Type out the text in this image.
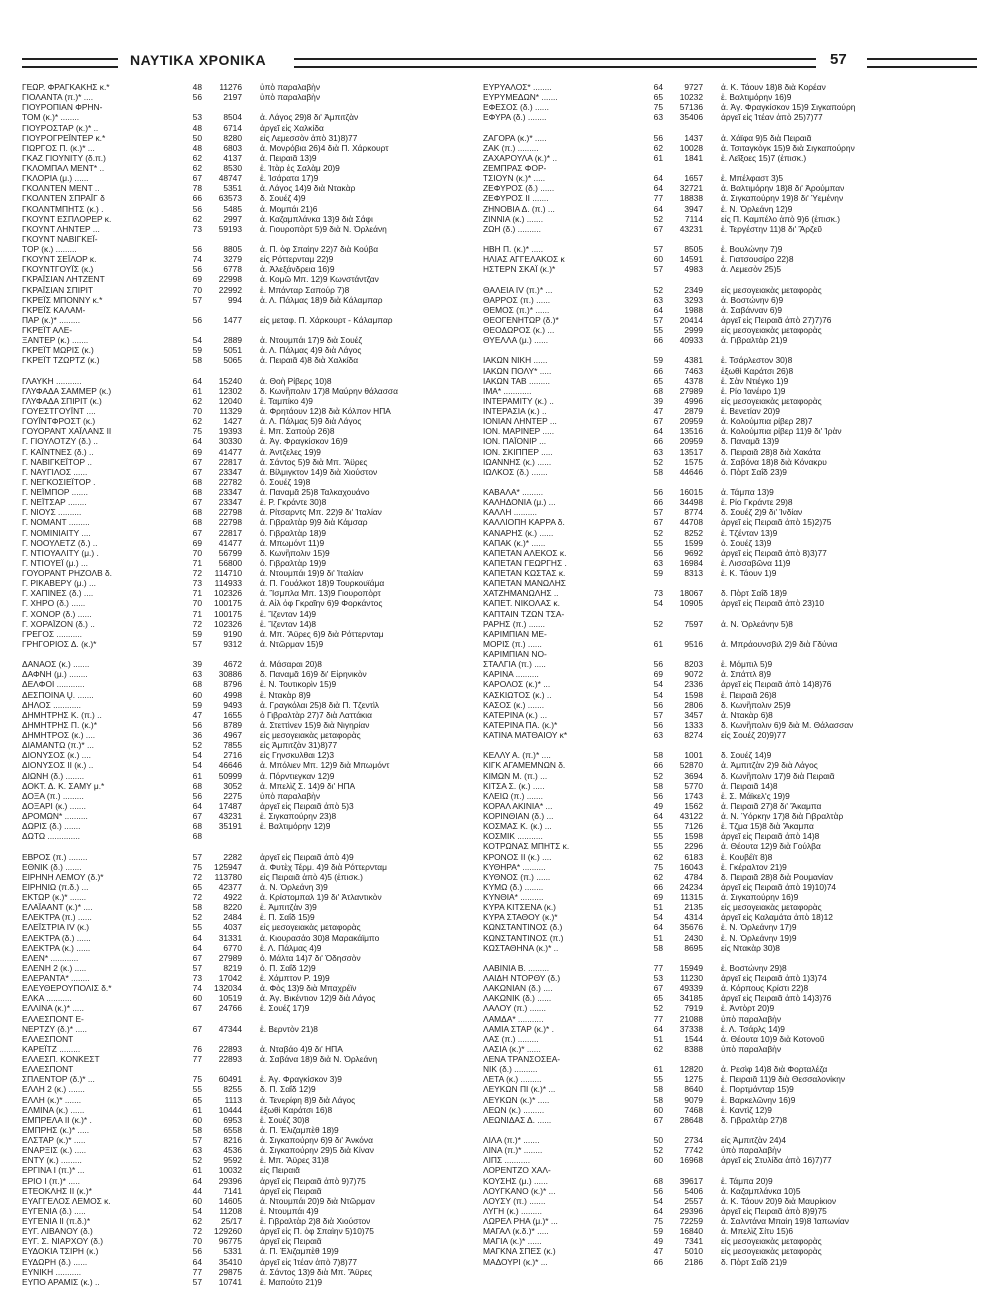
ΝΑΥΤΙΚΑ ΧΡΟΝΙΚΑ	57
ΓΕΩΡ. ΦΡΑΓΚΑΚΗΣ κ.*	48	11276 ὑπὸ παραλαβὴν
ΓΙΟΛΑΝΤΑ (π.)* ....	56	2197 ὑπὸ παραλαβὴν
ΓΙΟΥΡΟΠΙΑΝ ΦΡΗΝ-
ΤΟΜ (κ.)* ........	53	8504 ἀ. Λάγος 29)8 δι' Ἀμπιτζὰν
ΓΙΟΥΡΟΣΤΑΡ (κ.)* ..	48	6714 ἀργεῖ εἰς Χαλκίδα
ΓΙΟΥΡΟΓΡΕΪΝΤΕΡ κ.*	50	8280 εἰς Λεμεσσὸν ἀπὸ 31)8)77
ΓΙΩΡΓΟΣ Π. (κ.)* ...	48	6803 ἀ. Μονρόβια 26)4 διὰ Π. Χάρκουρτ
ΓΚΑΖ ΓΙΟΥΝΙΤΥ (δ.π.)	62	4137 ἀ. Πειραιᾶ 13)9
ΓΚΛΟΜΠΑΛ ΜΕΝΤ* ..	62	8530 ἐ. Ἰτὰρ ἐς Σαλὰμ 20)9
ΓΚΛΟΡΙΑ (μ.) ......	67	48747 ἐ. Ἰσάρατα 17)9
ΓΚΟΛΝΤΕΝ ΜΕΝΤ ..	78	5351 ἀ. Λάγος 14)9 διὰ Ντακὰρ
ΓΚΟΛΝΤΕΝ ΣΠΡΑΪΓ δ	66	63573 δ. Σουέζ 4)9
ΓΚΟΛΝΤΜΠΗΤΣ (κ.) .	56	5485 ἀ. Μομπάι 21)6
ΓΚΟΥΝΤ ΕΣΠΛΟΡΕΡ κ.	62	2997 ἀ. Καζαμπλάνκα 13)9 διὰ Σάφι
ΓΚΟΥΝΤ ΛΗΝΤΕΡ ...	73	59193 ἀ. Γιουροπὸρτ 5)9 διὰ Ν. Ὀρλεάνη
ΓΚΟΥΝΤ ΝΑΒΙΓΚΕΪ-
ΤΟΡ (κ.) .........	56	8805 ἀ. Π. ὀφ Σπαὶην 22)7 διὰ Κούβα
ΓΚΟΥΝΤ ΣΕΪΛΟΡ κ.	74	3279 εἰς Ρόττερνταμ 22)9
ΓΚΟΥΝΤΓΟΥΪΣ (κ.)	56	6778 ἀ. Ἀλεξάνδρεια 16)9
ΓΚΡΑΪΣΙΑΝ ΛΗΤΖΕΝΤ	69	22998 ἀ. Κομῶ Μπ. 12)9 Κωνστάντζαν
ΓΚΡΑΪΣΙΑΝ ΣΠΙΡΙΤ	70	22992 ἐ. Μπάνταρ Σαπούρ 7)8
ΓΚΡΕΪΣ ΜΠΟΝΝΥ κ.*	57	994 ἀ. Λ. Πάλμας 18)9 διὰ Κάλαμπαρ
ΓΚΡΕΪΣ ΚΑΛΑΜ-
ΠΑΡ (κ.)* .........	56	1477 εἰς μεταφ. Π. Χάρκουρτ - Κάλαμπαρ
ΓΚΡΕΪΤ ΑΛΕ-
ΞΑΝΤΕΡ (κ.) .......	54	2889 ἀ. Ντουμπάι 17)9 διὰ Σουέζ
ΓΚΡΕΪΤ ΜΩΡΙΣ (κ.)	59	5051 ἀ. Λ. Πάλμας 4)9 διὰ Λάγος
ΓΚΡΕΪΤ ΤΖΩΡΤΖ (κ.)	58	5065 ἀ. Πειραιᾶ 4)8 διὰ Χαλκίδα
ΓΛΑΥΚΗ ...........	64	15240 ἀ. Θοὴ Ρίβερς 10)8
ΓΛΥΦΑΔΑ ΣΑΜΜΕΡ (κ.)	61	12302 δ. Κωνἢπολιν 17)8 Μαύρην θάλασσα
ΓΛΥΦΑΔΑ ΣΠΙΡΙΤ (κ.)	62	12040 ἐ. Ταμπίκο 4)9
ΓΟΥΕΣΤΓΟΥΪΝΤ ....	70	11329 ἀ. Φρητάουν 12)8 διὰ Κόλπον ΗΠΑ
ΓΟΥΪΝΤΦΡΟΣΤ (κ.)	62	1427 ἀ. Λ. Πάλμας 5)9 διὰ Λάγος
ΓΟΥΟΡΑΝΤ ΧΑΪΛΑΝΣ ΙΙ	75	19393 ἐ. Μπ. Σαπούρ 26)8
Γ. ΓΙΟΥΛΟΤΖΥ (δ.) ..	64	30330 ἀ. Ἀγ. Φραγκίσκον 16)9
Γ. ΚΑΪΝΤΝΕΣ (δ.) ..	69	41477 ἀ. Ἀντζελες 19)9
Γ. ΝΑΒΙΓΚΕΪΤΟΡ ..	67	22817 ἀ. Σάντος 5)9 διὰ Μπ. Ἄϋρες
Γ. ΝΑΥΓΙΛΟΣ ......	67	23347 ἀ. Βίλμιγκτον 14)9 διὰ Χιούστον
Γ. ΝΕΓΚΟΣΙΕΪΤΟΡ .	68	22782 ὁ. Σουέζ 19)8
Γ. ΝΕΪΜΠΟΡ .......	68	23347 ἀ. Παναμᾶ 25)8 Ταλκαχουάνο
Γ. ΝΕΪΤΣΑΡ ........	67	23347 ἐ. Ρ. Γκράντε 30)8
Γ. ΝΙΟΥΣ ..........	68	22798 ἀ. Ρίτσαρντς Μπ. 22)9 δι' Ἰταλίαν
Γ. ΝΟΜΑΝΤ .........	68	22798 ἀ. Γιβραλτὰρ 9)9 διὰ Κάμσαρ
Γ. ΝΟΜΙΝΙΑΙΤΥ ....	67	22817 ὁ. Γιβραλτὰρ 18)9
Γ. ΝΟΟΥΛΕΤΖ (δ.) ..	69	41477 ἀ. Μπωμόντ 11)9
Γ. ΝΤΙΟΥΑΛΙΤΥ (μ.) .	70	56799 δ. Κωνἢπολιν 15)9
Γ. ΝΤΙΟΥΕΪ (μ.) ...	71	56800 ὁ. Γιβραλτὰρ 19)9
ΓΟΥΟΡΑΝΤ ΡΗΖΟΛΒ δ.	72	114710 ἀ. Ντουμπάι 19)9 δι' Ἰταλίαν
Γ. ΡΙΚΑΒΕΡΥ (μ.) ...	73	114933 ἀ. Π. Γουάλκοτ 18)9 Τουρκουϊάμα
Γ. ΧΑΠΙΝΕΣ (δ.) ....	71	102326 ἀ. Ἴσμπλα Μπ. 13)9 Γιουροπὸρτ
Γ. ΧΗΡΟ (δ.) ......	70	100175 ἀ. Αἱλ ὀφ Γκραῖην 6)9 Φορκάντος
Γ. ΧΟΝΟΡ (δ.) ......	71	100175 ἐ. Ἴζενταν 14)9
Γ. ΧΟΡΑΪΖΟΝ (δ.) ..	72	102326 ἐ. Ἴζενταν 14)8
ΓΡΕΓΟΣ ...........	59	9190 ἀ. Μπ. Ἄϋρες 6)9 διὰ Ρόττερνταμ
ΓΡΗΓΟΡΙΟΣ Δ. (κ.)*	57	9312 ἀ. Ντῶρμαν 15)9
ΔΑΝΑΟΣ (κ.) .......	39	4672 ἀ. Μάσαραι 20)8
ΔΑΦΝΗ (μ.) ........	63	30886 δ. Παναμᾶ 16)9 δι' Εἰρηνικὸν
ΔΕΛΦΟΙ ............	68	8796 ἐ. Ν. Τουτικορὶν 15)9
ΔΕΣΠΟΙΝΑ Ų. .......	60	4998 ἐ. Ντακὰρ 8)9
ΔΗΛΟΣ ............	59	9493 ἀ. Γραγκόλαι 25)8 διὰ Π. Τζεντὶλ
ΔΗΜΗΤΡΗΣ Κ. (π.) ..	47	1655 ὁ Γιβραλτὰρ 27)7 διὰ Λαττάκια
ΔΗΜΗΤΡΗΣ Π. (κ.)*	56	8789 ἀ. Στεττὶνεν 15)9 διὰ Νιγηρίαν
ΔΗΜΗΤΡΟΣ (κ.) ....	36	4967 εἰς μεσογειακὰς μεταφορὰς
ΔΙΑΜΑΝΤΩ (π.)* ...	52	7855 εἰς Ἀμπιτζὰν 31)8)77
ΔΙΟΝΥΣΟΣ (κ.) ....	54	2716 εἰς Γηνσκυλθαι 12)3
ΔΙΟΝΥΣΟΣ ΙΙ (κ.) ..	54	46646 ἀ. Μπόλιεν Μπ. 12)9 διὰ Μπωμόντ
ΔΙΩΝΗ (δ.) ........	61	50999 ἀ. Πόρντιεγκαν 12)9
ΔΟΚΤ. Δ. Κ. ΣΑΜΥ μ.*	68	3052 ἀ. Μπελὶζ Σ. 14)9 δι' ΗΠΑ
ΔΟΞΑ (π.) .........	56	2275 ὑπὸ παραλαβὴν
ΔΟΞΑΡΙ (κ.) .......	64	17487 ἀργεῖ εἰς Πειραιᾶ ἀπὸ 5)3
ΔΡΟΜΩΝ* ..........	67	43231 ἐ. Σιγκαπούρην 23)8
ΔΩΡΙΣ (δ.) .......	68	35191 ἐ. Βαλτιμόρην 12)9
ΔΩΤΩ ..............	68
ΕΒΡΟΣ (π.) ........	57	2282 ἀργεῖ εἰς Πειραιᾶ ἀπὸ 4)9
ΕΘΝΙΚ (δ.) .......	75	125947 ἀ. Φυτὲχ Τέρμ. 4)9 διὰ Ρόττερνταμ
ΕΙΡΗΝΗ ΛΕΜΟΥ (δ.)*	72	113780 εἰς Πειραιᾶ ἀπὸ 4)5 (ἐπισκ.)
ΕΙΡΗΝΙΩ (π.δ.) ...	65	42377 ἀ. Ν. Ὀρλεάνη 3)9
ΕΚΤΩΡ (κ.)* .......	72	4922 ἀ. Κρίστομπαλ 1)9 δι' Ἀτλαντικὸν
ΕΛΑΪΑΑΝΤ (κ.)* ....	58	8220 ἐ. Ἀμπιτζὰν 3)9
ΕΛΕΚΤΡΑ (π.) ......	52	2484 ἐ. Π. Σαΐδ 15)9
ΕΛΕΪΣΤΡΙΑ IV (κ.)	55	4037 εἰς μεσογειακὰς μεταφορὰς
ΕΛΕΚΤΡΑ (δ.) ......	64	31331 ἀ. Κιουρασάο 30)8 Μαρακάϊμπο
ΕΛΕΚΤΡΑ (κ.) ......	64	6770 ἐ. Λ. Πάλμας 4)9
ΕΛΕΝ* ............	67	27989 ὁ. Μάλτα 14)7 δι' Ὀδησσὸν
ΕΛΕΝΗ 2 (κ.) .....	57	8219 ὁ. Π. Σαΐδ 12)9
ΕΛΕΡΑΝΤΑ* ........	73	17042 ἐ. Χάμπτον Ρ. 19)9
ΕΛΕΥΘΕΡΟΥΠΟΛΙΣ δ.*	74	132034 ἀ. Φὸς 13)9 διὰ Μπαχρέϊν
ΕΛΚΑ ...........	60	10519 ἀ. Ἀγ. Βικέντιον 12)9 διὰ Λάγος
ΕΛΛΙΝΑ (κ.)* .....	67	24766 ἐ. Σουέζ 17)9
ΕΛΛΕΣΠΟΝΤ Ε-
ΝΕΡΤΖΥ (δ.)* .....	67	47344 ἐ. Βερντὸν 21)8
ΕΛΛΕΣΠΟΝΤ
ΚΑΡΕΪΤΖ .........	76	22893 ἀ. Νταβάο 4)9 δι' ΗΠΑ
ΕΛΛΕΣΠ. ΚΟΝΚΕΣΤ	77	22893 ἀ. Σαβάνα 18)9 διὰ Ν. Ὀρλεάνη
ΕΛΛΕΣΠΟΝΤ
ΣΠΛΕΝΤΟΡ (δ.)* ...	75	60491 ἐ. Ἀγ. Φραγκίσκον 3)9
ΕΛΛΗ 2 (κ.) .......	55	8255 δ. Π. Σαΐδ 12)9
ΕΛΛΗ (κ.)* .......	65	1113 ἀ. Τενερίφη 8)9 διὰ Λάγος
ΕΛΜΙΝΑ (κ.) ......	61	10444 ἐξωθὶ Καράτσι 16)8
ΕΜΠΡΕΛΑ ΙΙ (κ.)* .	60	6953 ἐ. Σουέζ 30)8
ΕΜΠΡΗΣ (κ.)* .....	58	6558 ἀ. Π. Ἐλιζαμπὲθ 18)9
ΕΛΣΤΑΡ (κ.)* .....	57	8216 ἀ. Σιγκαπούρην 6)9 δι' Ἀνκόνα
ΕΝΑΡΞΙΣ (κ.) .....	63	4536 ἀ. Σιγκαπούρην 29)5 διὰ Κίναν
ΕΝΤΥ (κ.) .........	52	9592 ἐ. Μπ. Ἄϋρες 31)8
ΕΡΓΙΝΑ Ι (π.)* ...	61	10032 εἰς Πειραιᾶ
ΕΡΙΟ Ι (π.)* .....	64	29396 ἀργεῖ εἰς Πειραιᾶ ἀπὸ 9)7)75
ΕΤΕΟΚΛΗΣ ΙΙ (κ.)*	44	7141 ἀργεῖ εἰς Πειραιᾶ
ΕΥΑΓΓΕΛΟΣ ΛΕΜΟΣ κ.	60	14605 ἀ. Ντουμπάι 20)9 διὰ Ντῶρμαν
ΕΥΓΕΝΙΑ (δ.) .....	54	11208 ἐ. Ντουμπάι 4)9
ΕΥΓΕΝΙΑ ΙΙ (π.δ.)*	62	25/17 ἐ. Γιβραλτὰρ 2)8 διὰ Χιούστον
ΕΥΓ. ΛΙΒΑΝΟΥ (δ.)	72	129260 ἀργεῖ εἰς Π. ὀφ Σπαὶην 5)10)75
ΕΥΓ. Σ. ΝΙΑΡΧΟΥ (δ.)	70	96775 ἀργεῖ εἰς Πειραιᾶ
ΕΥΔΟΚΙΑ ΤΣΙΡΗ (κ.)	56	5331 ἀ. Π. Ἐλιζαμπὲθ 19)9
ΕΥΔΩΡΗ (δ.) ......	64	35410 ἀργεῖ εἰς Ἰτέαν ἀπὸ 7)8)77
ΕΥΝΙΚΗ ...........	77	29875 ἀ. Σάντος 13)9 διὰ Μπ. Ἄϋρες
ΕΥΠΟ ΑΡΑΜΙΣ (κ.) ..	57	10741 ἐ. Μαπούτο 21)9
ΕΥΡΥΑΛΟΣ* ........	64	9727 ἀ. Κ. Τάουν 18)8 διὰ Κορέαν
ΕΥΡΥΜΕΔΩΝ* .......	65	10232 ἐ. Βαλτιμόρην 16)9
ΕΦΕΣΟΣ (δ.) ......	75	57136 ἀ. Ἀγ. Φραγκίσκον 15)9 Σιγκαπούρη
ΕΦΥΡΑ (δ.) ........	63	35406 ἀργεῖ εἰς Ἰτέαν ἀπὸ 25)7)77
ΖΑΓΟΡΑ (κ.)* .....	56	1437 ἀ. Χάϊφα 9)5 διὰ Πειραιᾶ
ΖΑΚ (π.) .........	62	10028 ἀ. Τσιταγκὸγκ 15)9 διὰ Σιγκαπούρην
ΖΑΧΑΡΟΥΛΑ (κ.)* ..	61	1841 ἐ. Λεῖξοες 15)7 (ἐπισκ.)
ΖΕΜΠΡΑΣ ΦΟΡ-
ΤΣΙΟΥΝ (κ.)* .....	64	1657 ἐ. Μπέλφαστ 3)5
ΖΕΦΥΡΟΣ (δ.) ......	64	32721 ἀ. Βαλτιμόρην 18)8 δι' Ἀρούμπαν
ΖΕΦΥΡΟΣ ΙΙ .......	77	18838 ἀ. Σιγκαπούρην 19)8 δι' Ὑεμένην
ΖΗΝΟΒΙΑ Δ. (π.) ...	64	3947 ἐ. Ν. Ὀρλεάνη 12)9
ΖΙΝΝΙΑ (κ.) .......	52	7114 εἰς Π. Καμπέλο ἀπὸ 9)6 (ἐπισκ.)
ΖΩΗ (δ.) ..........	67	43231 ἐ. Τεργέστην 11)8 δι' Ἄρζεῦ
ΗΒΗ Π. (κ.)* .....	57	8505 ἐ. Βουλώνην 7)9
ΗΛΙΑΣ ΑΓΓΕΛΑΚΟΣ κ	60	14591 ἐ. Γιατσουσίρο 22)8
ΗΣΤΕΡΝ ΣΚΑΪ (κ.)*	57	4983 ἀ. Λεμεσὸν 25)5
ΘΑΛΕΙΑ IV (π.)* ...	52	2349 εἰς μεσογειακὰς μεταφορὰς
ΘΑΡΡΟΣ (π.) ......	63	3293 ἀ. Βοστώνην 6)9
ΘΕΜΟΣ (π.)* ......	64	1988 ἀ. Σαβάνναν 6)9
ΘΕΟΓΕΝΗΤΩΡ (δ.)*	57	20414 ἀργεῖ εἰς Πειραιᾶ ἀπὸ 27)7)76
ΘΕΟΔΩΡΟΣ (κ.) ...	55	2999 εἰς μεσογειακὰς μεταφορὰς
ΘΥΕΛΛΑ (μ.) ......	66	40933 ἀ. Γιβραλτὰρ 21)9
ΙΑΚΩΝ ΝΙΚΗ ......	59	4381 ἐ. Τσάρλεστον 30)8
ΙΑΚΩΝ ΠΟΛΥ* .....	66	7463 ἐξωθὶ Καράτσι 26)8
ΙΑΚΩΝ ΤΑΒ .........	65	4378 ἐ. Σὰν Ντιέγκο 1)9
ΙΜΑ* ............	68	27989 ἐ. Ρίο Ἰανέιρο 1)9
ΙΝΤΕΡΑΜΙΤΥ (κ.) ..	39	4996 εἰς μεσογειακὰς μεταφορὰς
ΙΝΤΕΡΑΣΙΑ (κ.) ..	47	2879 ἐ. Βενετίαν 20)9
ΙΟΝΙΑΝ ΛΗΝΤΕΡ ...	67	20959 ἀ. Κολούμπια ρίβερ 28)7
ΙΟΝ. ΜΑΡΙΝΕΡ .....	64	13516 ἀ. Κολούμπια ρίβερ 11)9 δι' Ἰρὰν
ΙΟΝ. ΠΑΪΟΝΙΡ ...	66	20959 δ. Παναμᾶ 13)9
ΙΟΝ. ΣΚΙΠΠΕΡ .....	63	13517 δ. Πειραιᾶ 28)8 διὰ Χακάτα
ΙΩΑΝΝΗΣ (κ.) ......	52	1575 ἀ. Σαβόνα 18)8 διὰ Κόνακρυ
ΙΩΛΚΟΣ (δ.) .......	58	44646 ὁ. Πὸρτ Σαΐδ 23)9
ΚΑΒΑΛΑ* .........	56	16015 ἀ. Τάμπα 13)9
ΚΑΛΗΔΟΝΙΑ (μ.) ...	66	34498 ἐ. Ρίο Γκράντε 29)8
ΚΑΛΛΗ ..........	57	8774 δ. Σουέζ 2)9 δι' Ἰνδίαν
ΚΑΛΛΙΟΠΗ ΚΑΡΡΑ δ.	67	44708 ἀργεῖ εἰς Πειραιᾶ ἀπὸ 15)2)75
ΚΑΝΑΡΗΣ (κ.) ......	52	8252 ἐ. Τζένταν 13)9
ΚΑΠΑΚ (κ.)* ......	55	1599 ὁ. Σουέζ 13)9
ΚΑΠΕΤΑΝ ΑΛΕΚΟΣ κ.	56	9692 ἀργεῖ εἰς Πειραιᾶ ἀπὸ 8)3)77
ΚΑΠΕΤΑΝ ΓΕΩΡΓΗΣ .	63	16984 ἐ. Λισσαβῶνα 11)9
ΚΑΠΕΤΑΝ ΚΩΣΤΑΣ κ.	59	8313 ἐ. Κ. Τάουν 1)9
ΚΑΠΕΤΑΝ ΜΑΝΩΛΗΣ
ΧΑΤΖΗΜΑΝΩΛΗΣ ..	73	18067 δ. Πὸρτ Σαΐδ 18)9
ΚΑΠΕΤ. ΝΙΚΟΛΑΣ κ.	54	10905 ἀργεῖ εἰς Πειραιᾶ ἀπὸ 23)10
ΚΑΠΤΑΙΝ ΤΖΩΝ ΤΣΑ-
ΡΑΡΗΣ (π.) .......	52	7597 ἀ. Ν. Ὀρλεάνην 5)8
ΚΑΡΙΜΠΙΑΝ ΜΕ-
ΜΟΡΙΣ (π.) ......	61	9516 ἀ. Μπράουνσβιλ 2)9 διὰ Γδύνια
ΚΑΡΙΜΠΙΑΝ ΝΟ-
ΣΤΑΛΓΙΑ (π.) .....	56	8203 ἐ. Μόμπιλ 5)9
ΚΑΡΙΝΑ ..........	69	9072 ἀ. Σπάττλ 8)9
ΚΑΡΟΛΟΣ (κ.)* ...	54	2336 ἀργεῖ εἰς Πειραιᾶ ἀπὸ 14)8)76
ΚΑΣΚΙΩΤΟΣ (κ.) ..	54	1598 ἐ. Πειραιᾶ 26)8
ΚΑΣΟΣ (κ.) .......	56	2806 δ. Κωνἢπολιν 25)9
ΚΑΤΕΡΙΝΑ (κ.) ...	57	3457 ἀ. Ντακὰρ 6)8
ΚΑΤΕΡΙΝΑ ΠΑ. (κ.)*	56	1333 δ. Κωνἢπολιν 6)9 διὰ Μ. Θάλασσαν
ΚΑΤΙΝΑ ΜΑΤΘΑΙΟΥ κ*	63	8274 εἰς Σουέζ 20)9)77
ΚΕΛΛΥ Α. (π.)* ....	58	1001 δ. Σουέζ 14)9
ΚΙΓΚ ΑΓΑΜΕΜΝΩΝ δ.	66	52870 ἀ. Ἀμπιτζὰν 2)9 διὰ Λάγος
ΚΙΜΩΝ Μ. (π.) ...	52	3694 δ. Κωνἢπολιν 17)9 διὰ Πειραιᾶ
ΚΙΤΣΑ Σ. (κ.) .....	58	5770 ἀ. Πειραιᾶ 14)8
ΚΛΕΙΩ (π.) .......	56	1743 ἐ. Σ. Μάϊκελ'ς 19)9
ΚΟΡΑΛ ΑΚΙΝΙΑ* ...	49	1562 ἀ. Πειραιᾶ 27)8 δι' Ἄκαμπα
ΚΟΡΙΝΘΙΑΝ (δ.) ...	64	43122 ἀ. Ν. Ὑόρκην 17)8 διὰ Γιβραλτὰρ
ΚΟΣΜΑΣ Κ. (κ.) ...	55	7126 ἐ. Τζμα 15)8 διὰ Ἄκαμπα
ΚΟΣΜΙΚ ...........	55	1598 ἀργεῖ εἰς Πειραιᾶ ἀπὸ 14)8
ΚΟΤΡΩΝΑΣ ΜΠΗΤΣ κ.	55	2296 ἀ. Θέουτα 12)9 διὰ Γούλβα
ΚΡΟΝΟΣ ΙΙ (κ.) ....	62	6183 ἐ. Κουβέϊτ 8)8
ΚΥΘΗΡΑ* ..........	75	16043 ἐ. Γκέραλτον 21)9
ΚΥΘΝΟΣ (π.) ......	62	4784 δ. Πειραιᾶ 28)8 διὰ Ρουμανίαν
ΚΥΜΩ (δ.) ........	66	24234 ἀργεῖ εἰς Πειραιᾶ ἀπὸ 19)10)74
ΚΥΝΘΙΑ* ..........	69	11315 ἀ. Σιγκαπούρην 16)9
ΚΥΡΑ ΚΙΤΣΕΝΑ (κ.)	51	2135 εἰς μεσογειακὰς μεταφορὰς
ΚΥΡΑ ΣΤΑΘΟΥ (κ.)*	54	4314 ἀργεῖ εἰς Καλαμάτα ἀπὸ 18)12
ΚΩΝΣΤΑΝΤΙΝΟΣ (δ.)	64	35676 ἐ. Ν. Ὀρλεάνην 17)9
ΚΩΝΣΤΑΝΤΙΝΟΣ (π.)	51	2430 ἐ. Ν. Ὀρλεάνην 19)9
ΚΩΣΤΑΘΗΝΑ (κ.)* ..	58	8695 εἰς Ντακὰρ 30)8
ΛΑΒΙΝΙΑ Β. .........	77	15949 ἐ. Βοστώνην 29)8
ΛΑΙΔΗ ΝΤΟΡΘΥ (δ.)	53	11230 ἀργεῖ εἰς Πειραιᾶ ἀπὸ 1)3)74
ΛΑΚΩΝΙΑΝ (δ.) ....	67	49339 ἀ. Κόρπους Κρίστι 22)8
ΛΑΚΩΝΙΚ (δ.) ......	65	34185 ἀργεῖ εἰς Πειραιᾶ ἀπὸ 14)3)76
ΛΑΛΟΥ (π.) .......	52	7919 ἐ. Ἀντὸρτ 20)9
ΛΑΜΔΑ* ...........	77	21088 ὑπὸ παραλαβὴν
ΛΑΜΙΑ ΣΤΑΡ (κ.)* .	64	37338 ἐ. Λ. Τσάρλς 14)9
ΛΑΣ (π.) .........	51	1544 ἀ. Θέουτα 10)9 διὰ Κοτονοῦ
ΛΑΣΙΑ (κ.)* ......	62	8388 ὑπὸ παραλαβὴν
ΛΕΝΑ ΤΡΑΝΣΟΣΕΑ-
ΝΙΚ (δ.) ..........	61	12820 ἀ. Ρεσὶφ 14)8 διὰ Φορταλέζα
ΛΕΤΑ (κ.) .........	55	1275 ἐ. Πειραιᾶ 11)9 διὰ Θεσσαλονίκην
ΛΕΥΚΩΝ ΠΙ (κ.)* ...	58	8640 ἐ. Πορτμάνταρ 15)9
ΛΕΥΚΩΝ (κ.)* .....	58	9079 ἐ. Βαρκελῶνην 16)9
ΛΕΩΝ (κ.) .........	60	7468 ἐ. Καντὶζ 12)9
ΛΕΩΝΙΔΑΣ Δ. ......	67	28648 δ. Γιβραλτὰρ 27)8
ΛΙΛΑ (π.)* .......	50	2734 εἰς Ἀμπιτζὰν 24)4
ΛΙΝΑ (π.)* ........	52	7742 ὑπὸ παραλαβὴν
ΛΙΠΣ ...........	60	16968 ἀργεῖ εἰς Στυλίδα ἀπὸ 16)7)77
ΛΟΡΕΝΤΖΟ ΧΑΛ-
ΚΟΥΣΗΣ (μ.) ......	68	39617 ἐ. Τάμπα 20)9
ΛΟΥΓΚΑΝΟ (κ.)* ...	56	5406 ἀ. Καζαμπλάνκα 10)5
ΛΟΥΣΥ (π.) .......	54	2557 ἀ. Κ. Τάουν 20)9 διὰ Μαυρίκιον
ΛΥΓΗ (κ.) .........	64	29396 ἀργεῖ εἰς Πειραιᾶ ἀπὸ 8)9)75
ΛΩΡΕΛ ΡΗΑ (μ.)* ...	75	72259 ἀ. Σαλντάνα Μπαὶη 19)8 Ἰαπωνίαν
ΜΑΓΑΛ (κ.δ.)* .....	59	16840 ἀ. Μπελὶζ Σίτυ 15)6
ΜΑΓΙΑ (κ.)* ......	49	7341 εἰς μεσογειακὰς μεταφορὰς
ΜΑΓΚΝΑ ΣΠΕΣ (κ.)	47	5010 εἰς μεσογειακὰς μεταφορὰς
ΜΑΔΟΥΡΙ (κ.)* ...	66	2186 δ. Πὸρτ Σαΐδ 21)9
